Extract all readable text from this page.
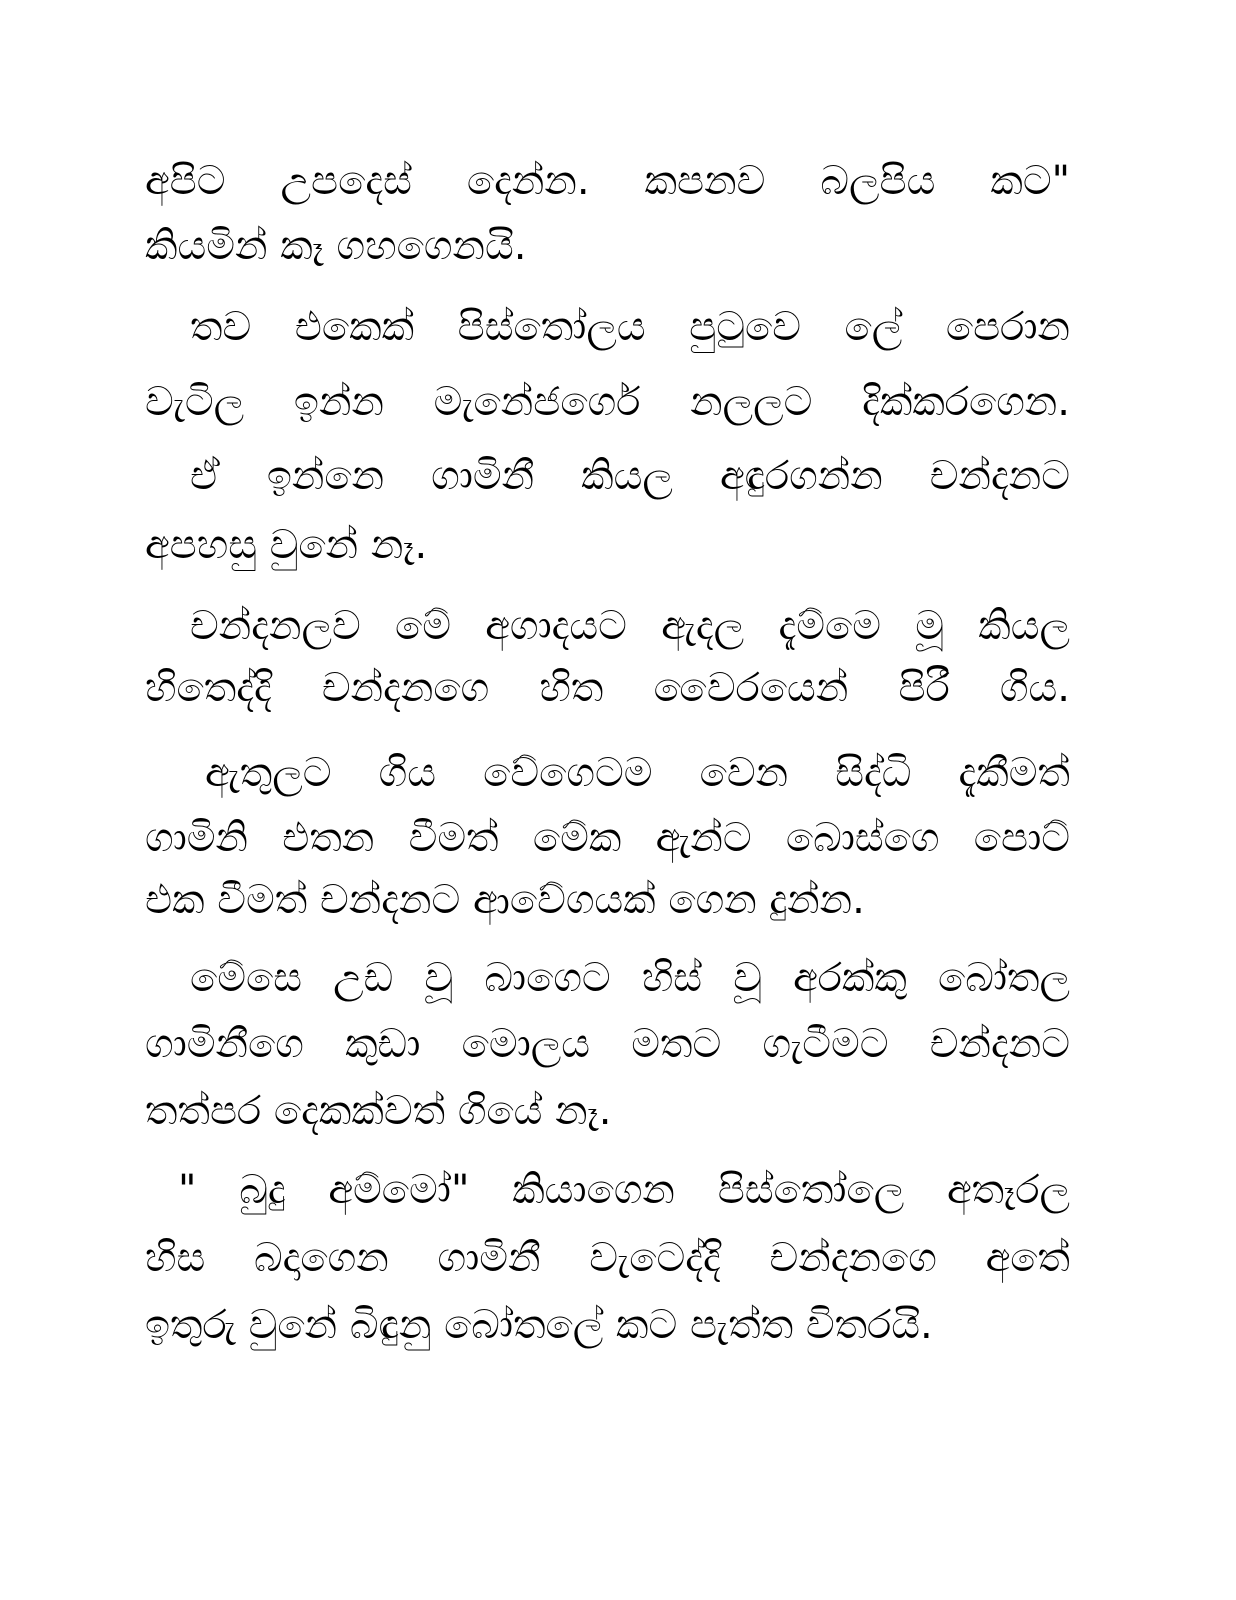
අපිට උපදෙස් දෙන්න. කපනව බලපිය කට"
කියමින් කෑ ගහගෙනයි.
තව එකෙක් පිස්තෝලය පුටුවෙ ලේ පෙරාන
වැටිල ඉන්න මැනේජර්ගෙ නලලට දික්කරගෙන.
ඒ ඉන්නෙ ගාමිනී කියල අඳුරගන්න චන්දනට
අපහසු වුනේ නෑ.
චන්දනලව මේ අගාදයට ඇදල දැම්මෙ මූ කියල
හිතෙද්දි චන්දනගෙ හිත වෛරයෙන් පිරී ගිය.
ඇතුලට ගිය වේගෙටම වෙන සිද්ධි දැකීමත්
ගාමිනි එතන වීමත් මේක ඇන්ට බොස්ගෙ පොට්
එක වීමත් චන්දනට ආවේගයක් ගෙන දුන්න.
මේසෙ උඩ වූ බාගෙට හිස් වූ අරක්කු බෝතල
ගාමිනීගෙ කුඩා මොලය මතට ගැටීමට චන්දනට
තත්පර දෙකක්වත් ගියේ නෑ.
" බුදු අම්මෝ" කියාගෙන පිස්තෝලෙ අතෑරල
හිස බදාගෙන ගාමිනී වැටෙද්දි චන්දනගෙ අතේ
ඉතුරු වුනේ බිඳුනු බෝතලේ කට පැත්ත විතරයි.
